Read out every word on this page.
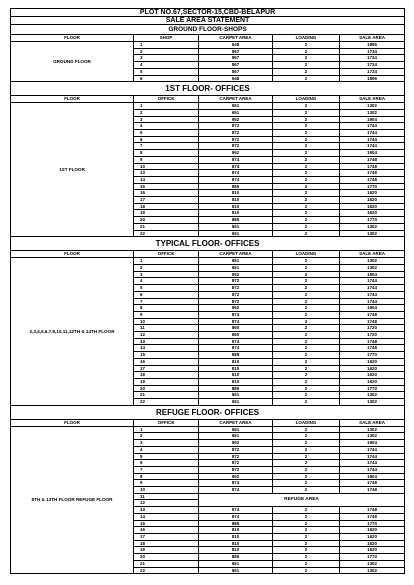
PLOT NO.67,SECTOR-15,CBD-BELAPUR				
SALE AREA STATEMENT				
GROUND FLOOR-SHOPS				
FLOOR	SHOP	CARPET AREA	LOADING	SALE AREA
GROUND FLOOR	1	948	2	1896
	2	867	2	1734
	3	867	2	1734
	4	867	2	1734
	5	867	2	1734
	6	948	2	1896
1ST FLOOR- OFFICES				
FLOOR	OFFICE	CARPET AREA	LOADING	SALE AREA
1ST FLOOR	1	651	2	1302
	2	651	2	1302
	3	952	2	1904
	4	872	2	1744
	5	872	2	1744
	6	872	2	1744
	7	872	2	1744
	8	952	2	1904
	9	874	2	1748
	10	874	2	1748
	13	874	2	1748
	14	874	2	1748
	15	885	2	1770
	16	810	2	1620
	17	810	2	1620
	18	810	2	1620
	19	810	2	1620
	20	885	2	1770
	21	651	2	1302
	22	651	2	1302
TYPICAL FLOOR- OFFICES				
FLOOR	OFFICE	CARPET AREA	LOADING	SALE AREA
2,3,4,5,6,7,9,10,11,12TH & 14TH FLOOR	1	651	2	1302
	2	651	2	1302
	3	952	2	1904
	4	872	2	1744
	5	872	2	1744
	6	872	2	1744
	7	872	2	1744
	8	952	2	1904
	9	874	2	1748
	10	874	2	1748
	11	860	2	1720
	12	860	2	1720
	13	874	2	1748
	14	874	2	1748
	15	885	2	1770
	16	810	2	1620
	17	810	2	1620
	18	810	2	1620
	19	810	2	1620
	20	885	2	1770
	21	651	2	1302
	22	651	2	1302
REFUGE FLOOR- OFFICES				
FLOOR	OFFICE	CARPET AREA	LOADING	SALE AREA
8TH & 13TH FLOOR REFUGE FLOOR	1	651	2	1302
	2	651	2	1302
	3	952	2	1904
	4	872	2	1744
	5	872	2	1744
	6	872	2	1744
	7	872	2	1744
	8	952	2	1904
	9	874	2	1748
	10	874	2	1748
	11	REFUGE AREA		
	12			
	13	874	2	1748
	14	874	2	1748
	15	885	2	1770
	16	810	2	1620
	17	810	2	1620
	18	810	2	1620
	19	810	2	1620
	20	885	2	1770
	21	651	2	1302
	22	651	2	1302
